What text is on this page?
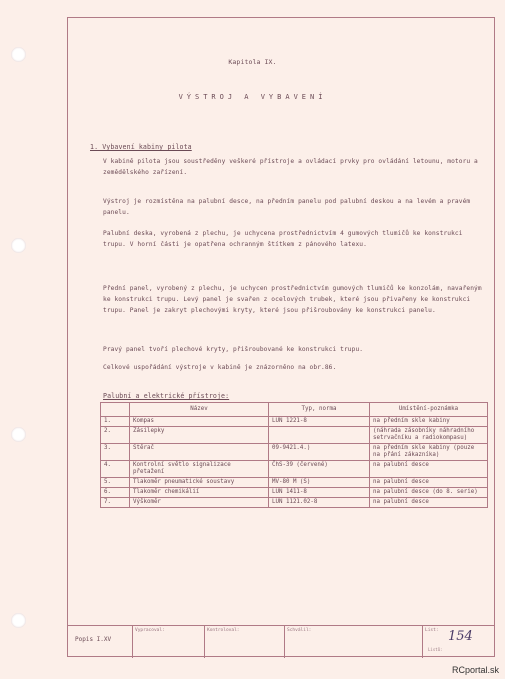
Kapitola IX.
VÝSTROJ A VYBAVENÍ
1. Vybavení kabiny pilota
V kabině pilota jsou soustředěny veškeré přístroje a ovládací prvky pro ovládání letounu, motoru a zemědělského zařízení.
Výstroj je rozmístěna na palubní desce, na předním panelu pod palubní deskou a na levém a pravém panelu.
Palubní deska, vyrobená z plechu, je uchycena prostřednictvím 4 gumových tlumičů ke konstrukci trupu. V horní části je opatřena ochranným štítkem z pánového latexu.
Přední panel, vyrobený z plechu, je uchycen prostřednictvím gumových tlumičů ke konzolám, navařeným ke konstrukci trupu. Levý panel je svařen z ocelových trubek, které jsou přivařeny ke konstrukci trupu. Panel je zakryt plechovými kryty, které jsou přišroubovány ke konstrukci panelu.
Pravý panel tvoří plechové kryty, přišroubované ke konstrukci trupu.
Celkové uspořádání výstroje v kabině je znázorněno na obr.86.
Palubní a elektrické přístroje:
	Název	Typ, norma	Umístění-poznámka
1.	Kompas	LUN 1221-8	na předním skle kabiny
2.	Zásilepky		(náhrada zásobníky náhradního setrvačníku a radiokompasu)
3.	Stěrač	09-9421.4.)	na předním skle kabiny (pouze na přání zákazníka)
4.	Kontrolní světlo signalizace přetažení	ČhS-39 (červené)	na palubní desce
5.	Tlakoměr pneumatické soustavy	MV-80 M (S)	na palubní desce
6.	Tlakoměr chemikálií	LUN 1411-8	na palubní desce (do 8. serie)
7.	Výškoměr	LUN 1121.02-8	na palubní desce
Popis I.XV
Vypracoval:	Kontroloval:	Schválil:	List: 154
Listů:
RCportal.sk
